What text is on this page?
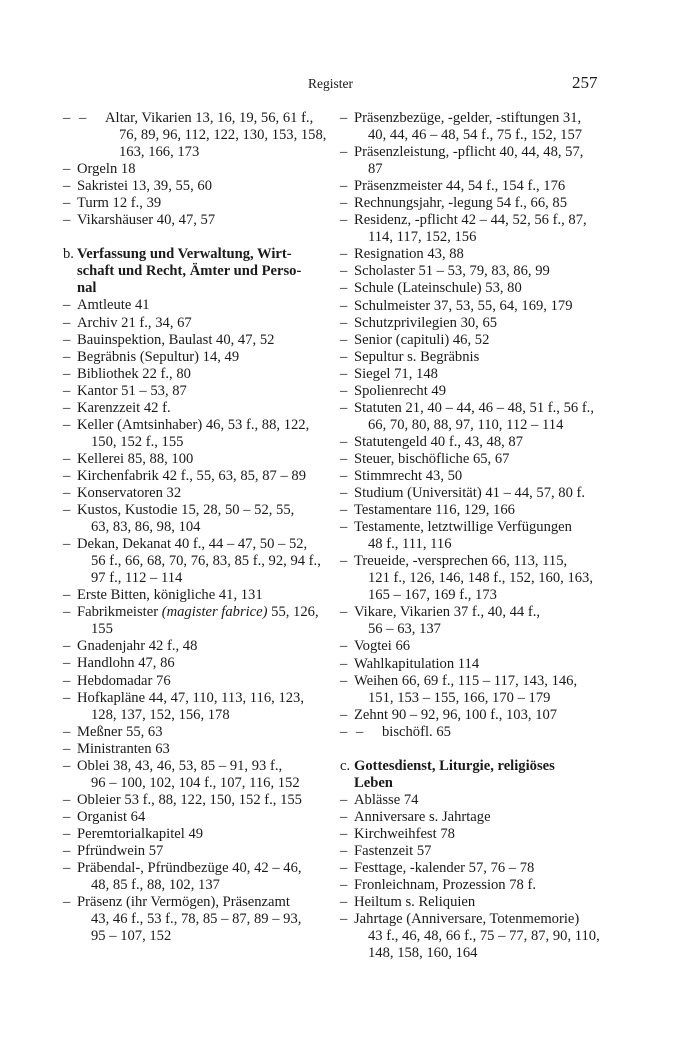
Register	257
– – Altar, Vikarien 13, 16, 19, 56, 61 f.,
76, 89, 96, 112, 122, 130, 153, 158,
163, 166, 173
– Orgeln 18
– Sakristei 13, 39, 55, 60
– Turm 12 f., 39
– Vikarshäuser 40, 47, 57
b. Verfassung und Verwaltung, Wirt-
schaft und Recht, Ämter und Perso-
nal
– Amtleute 41
– Archiv 21 f., 34, 67
– Bauinspektion, Baulast 40, 47, 52
– Begräbnis (Sepultur) 14, 49
– Bibliothek 22 f., 80
– Kantor 51 – 53, 87
– Karenzzeit 42 f.
– Keller (Amtsinhaber) 46, 53 f., 88, 122,
150, 152 f., 155
– Kellerei 85, 88, 100
– Kirchenfabrik 42 f., 55, 63, 85, 87 – 89
– Konservatoren 32
– Kustos, Kustodie 15, 28, 50 – 52, 55,
63, 83, 86, 98, 104
– Dekan, Dekanat 40 f., 44 – 47, 50 – 52,
56 f., 66, 68, 70, 76, 83, 85 f., 92, 94 f.,
97 f., 112 – 114
– Erste Bitten, königliche 41, 131
– Fabrikmeister (magister fabrice) 55, 126,
155
– Gnadenjahr 42 f., 48
– Handlohn 47, 86
– Hebdomadar 76
– Hofkapläne 44, 47, 110, 113, 116, 123,
128, 137, 152, 156, 178
– Meßner 55, 63
– Ministranten 63
– Oblei 38, 43, 46, 53, 85 – 91, 93 f.,
96 – 100, 102, 104 f., 107, 116, 152
– Obleier 53 f., 88, 122, 150, 152 f., 155
– Organist 64
– Peremtorialkapitel 49
– Pfründwein 57
– Präbendal-, Pfründbezüge 40, 42 – 46,
48, 85 f., 88, 102, 137
– Präsenz (ihr Vermögen), Präsenzamt
43, 46 f., 53 f., 78, 85 – 87, 89 – 93,
95 – 107, 152
– Präsenzbezüge, -gelder, -stiftungen 31,
40, 44, 46 – 48, 54 f., 75 f., 152, 157
– Präsenzleistung, -pflicht 40, 44, 48, 57,
87
– Präsenzmeister 44, 54 f., 154 f., 176
– Rechnungsjahr, -legung 54 f., 66, 85
– Residenz, -pflicht 42 – 44, 52, 56 f., 87,
114, 117, 152, 156
– Resignation 43, 88
– Scholaster 51 – 53, 79, 83, 86, 99
– Schule (Lateinschule) 53, 80
– Schulmeister 37, 53, 55, 64, 169, 179
– Schutzprivilegien 30, 65
– Senior (capituli) 46, 52
– Sepultur s. Begräbnis
– Siegel 71, 148
– Spolienrecht 49
– Statuten 21, 40 – 44, 46 – 48, 51 f., 56 f.,
66, 70, 80, 88, 97, 110, 112 – 114
– Statutengeld 40 f., 43, 48, 87
– Steuer, bischöfliche 65, 67
– Stimmrecht 43, 50
– Studium (Universität) 41 – 44, 57, 80 f.
– Testamentare 116, 129, 166
– Testamente, letztwillige Verfügungen
48 f., 111, 116
– Treueide, -versprechen 66, 113, 115,
121 f., 126, 146, 148 f., 152, 160, 163,
165 – 167, 169 f., 173
– Vikare, Vikarien 37 f., 40, 44 f.,
56 – 63, 137
– Vogtei 66
– Wahlkapitulation 114
– Weihen 66, 69 f., 115 – 117, 143, 146,
151, 153 – 155, 166, 170 – 179
– Zehnt 90 – 92, 96, 100 f., 103, 107
– – bischöfl. 65
c. Gottesdienst, Liturgie, religiöses
Leben
– Ablässe 74
– Anniversare s. Jahrtage
– Kirchweihfest 78
– Fastenzeit 57
– Festtage, -kalender 57, 76 – 78
– Fronleichnam, Prozession 78 f.
– Heiltum s. Reliquien
– Jahrtage (Anniversare, Totenmemorie)
43 f., 46, 48, 66 f., 75 – 77, 87, 90, 110,
148, 158, 160, 164
